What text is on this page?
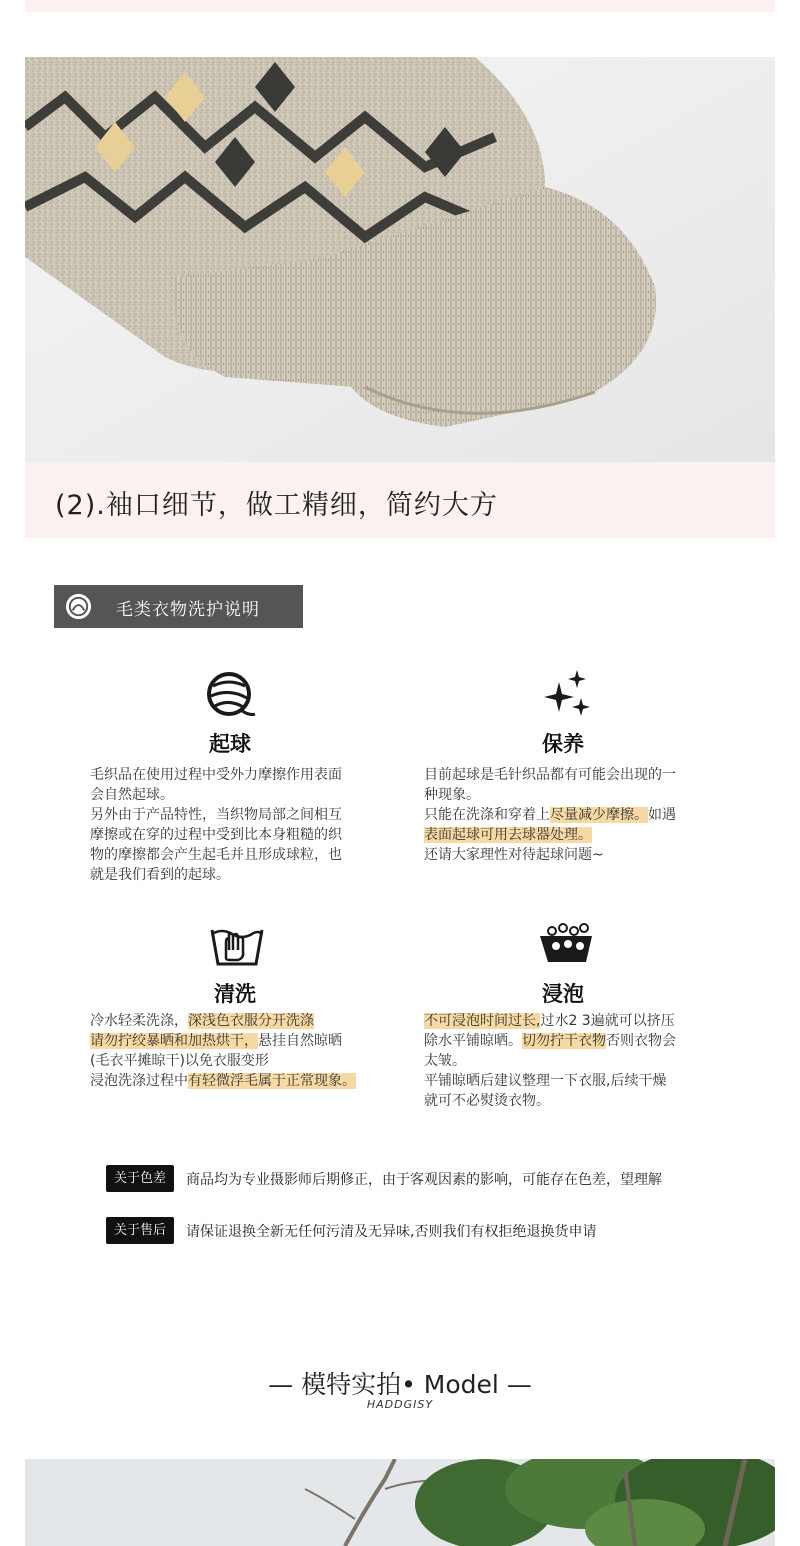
(2).袖口细节，做工精细，简约大方
毛类衣物洗护说明
起球
毛织品在使用过程中受外力摩擦作用表面
会自然起球。
另外由于产品特性，当织物局部之间相互
摩擦或在穿的过程中受到比本身粗糙的织
物的摩擦都会产生起毛并且形成球粒，也
就是我们看到的起球。
保养
目前起球是毛针织品都有可能会出现的一
种现象。
只能在洗涤和穿着上尽量减少摩擦。如遇
表面起球可用去球器处理。
还请大家理性对待起球问题~
清洗
冷水轻柔洗涤，深浅色衣服分开洗涤
请勿拧绞暴晒和加热烘干，悬挂自然晾晒
(毛衣平摊晾干)以免衣服变形
浸泡洗涤过程中有轻微浮毛属于正常现象。
浸泡
不可浸泡时间过长,过水2 3遍就可以挤压
除水平铺晾晒。切勿拧干衣物否则衣物会
太皱。
平铺晾晒后建议整理一下衣服,后续干燥
就可不必熨烫衣物。
关于色差	商品均为专业摄影师后期修正，由于客观因素的影响，可能存在色差，望理解
关于售后	请保证退换全新无任何污清及无异味,否则我们有权拒绝退换货申请
— 模特实拍• Model —
HADDGISY
